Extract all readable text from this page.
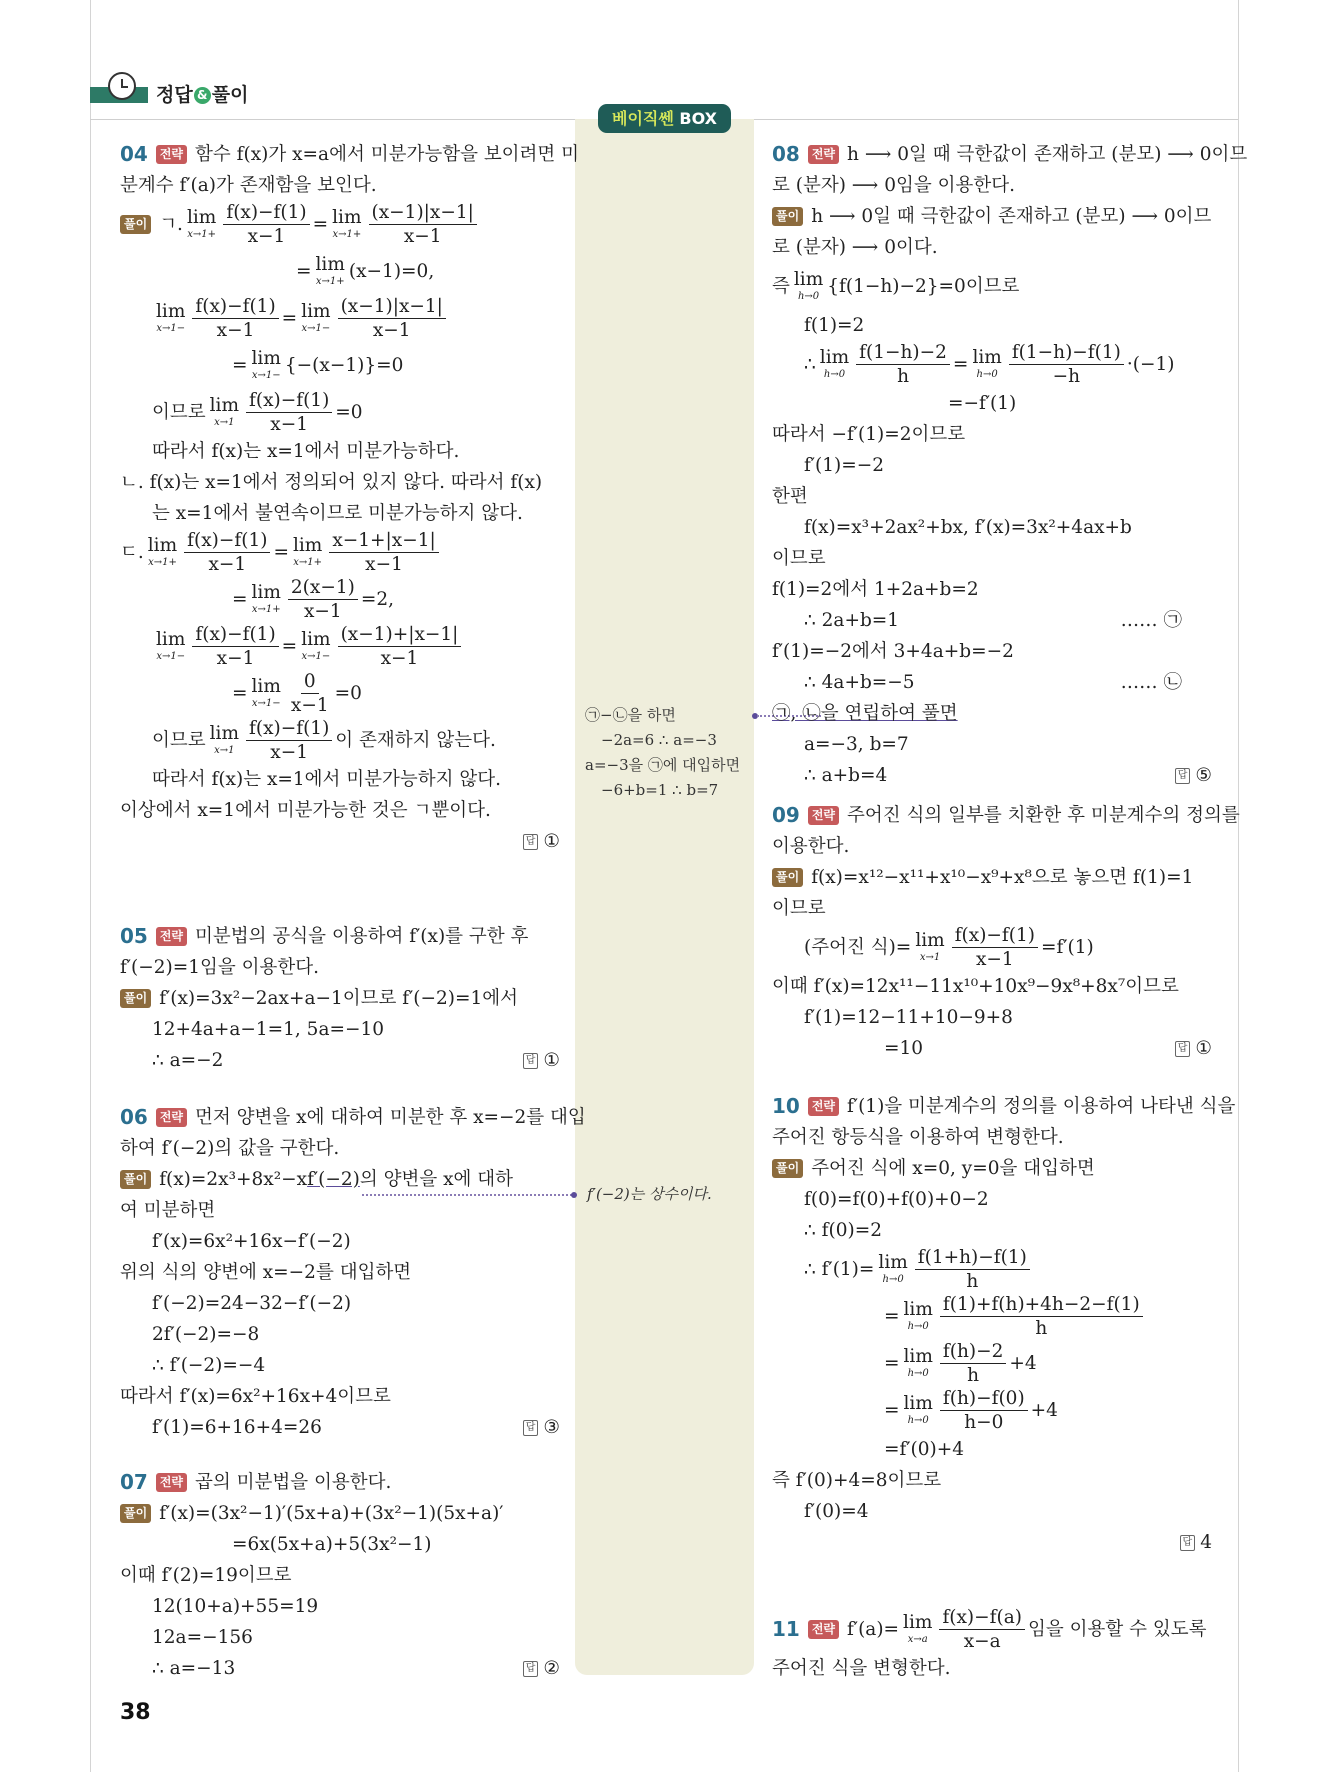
정답 & 풀이
베이직쎈 BOX
㉠−㉡을 하면
−2a=6 ∴ a=−3
a=−3을 ㉠에 대입하면
−6+b=1 ∴ b=7
f′(−2)는 상수이다.
04	전략 함수 f(x)가 x=a에서 미분가능함을 보이려면 미
분계수 f′(a)가 존재함을 보인다.
풀이 ㄱ. lim
$x\to 1+ \frac{f(x)-f(1)}{x-1} = \lim$
$x\to 1+ \frac{(x-1)|x-1|}{x-1}$
= lim
x→1+ (x−1)=0,
lim
$x\to 1- \frac{f(x)-f(1)}{x-1} = \lim$
$x\to 1- \frac{(x-1)|x-1|}{x-1}$
= lim
x→1− {−(x−1)}=0
이므로 lim
$x\to 1 \frac{f(x)-f(1)}{x-1} =0$
따라서 f(x)는 x=1에서 미분가능하다.
ㄴ. f(x)는 x=1에서 정의되어 있지 않다. 따라서 f(x)
는 x=1에서 불연속이므로 미분가능하지 않다.
ㄷ. lim
$x\to 1+ \frac{f(x)-f(1)}{x-1} = \lim$
$x\to 1+ \frac{x-1+|x-1|}{x-1}$
= lim
$x\to 1+ \frac{2(x-1)}{x-1} =2$,
lim
$x\to 1- \frac{f(x)-f(1)}{x-1} = \lim$
$x\to 1- \frac{(x-1)+|x-1|}{x-1}$
= lim
$x\to 1- \frac{0}{x-1} =0$
이므로 lim
$x\to 1 \frac{f(x)-f(1)}{x-1}$ 이 존재하지 않는다.
따라서 f(x)는 x=1에서 미분가능하지 않다.
이상에서 x=1에서 미분가능한 것은 ㄱ뿐이다.
답 ①
05	전략 미분법의 공식을 이용하여 f′(x)를 구한 후
f′(−2)=1임을 이용한다.
풀이 f′(x)=3x²−2ax+a−1이므로 f′(−2)=1에서
12+4a+a−1=1, 5a=−10
∴ a=−2	답 ①
06	전략 먼저 양변을 x에 대하여 미분한 후 x=−2를 대입
하여 f′(−2)의 값을 구한다.
풀이 f(x)=2x³+8x²−x f′(−2) 의 양변을 x에 대하
여 미분하면
f′(x)=6x²+16x−f′(−2)
위의 식의 양변에 x=−2를 대입하면
f′(−2)=24−32−f′(−2)
2f′(−2)=−8
∴ f′(−2)=−4
따라서 f′(x)=6x²+16x+4이므로
f′(1)=6+16+4=26	답 ③
07	전략 곱의 미분법을 이용한다.
풀이 f′(x)=(3x²−1)′(5x+a)+(3x²−1)(5x+a)′
=6x(5x+a)+5(3x²−1)
이때 f′(2)=19이므로
12(10+a)+55=19
12a=−156
∴ a=−13	답 ②
08	전략 h ⟶ 0일 때 극한값이 존재하고 (분모) ⟶ 0이므
로 (분자) ⟶ 0임을 이용한다.
풀이 h ⟶ 0일 때 극한값이 존재하고 (분모) ⟶ 0이므
로 (분자) ⟶ 0이다.
즉 lim
h→0 {f(1−h)−2}=0이므로
f(1)=2
∴ lim
$h\to 0 \frac{f(1-h)-2}{h} = \lim$
$h\to 0 \frac{f(1-h)-f(1)}{-h} \cdot(-1)$
=−f′(1)
따라서 −f′(1)=2이므로
f′(1)=−2
한편
f(x)=x³+2ax²+bx, f′(x)=3x²+4ax+b
이므로
f(1)=2에서 1+2a+b=2
∴ 2a+b=1	…… ㉠
f′(1)=−2에서 3+4a+b=−2
∴ 4a+b=−5	…… ㉡
㉠, ㉡을 연립하여 풀면
a=−3, b=7
∴ a+b=4	답 ⑤
09	전략 주어진 식의 일부를 치환한 후 미분계수의 정의를
이용한다.
풀이 f(x)=x¹²−x¹¹+x¹⁰−x⁹+x⁸으로 놓으면 f(1)=1
이므로
(주어진 식)= lim
$x\to 1 \frac{f(x)-f(1)}{x-1} =f'(1)$
이때 f′(x)=12x¹¹−11x¹⁰+10x⁹−9x⁸+8x⁷이므로
f′(1)=12−11+10−9+8
=10	답 ①
10	전략 f′(1)을 미분계수의 정의를 이용하여 나타낸 식을
주어진 항등식을 이용하여 변형한다.
풀이 주어진 식에 x=0, y=0을 대입하면
f(0)=f(0)+f(0)+0−2
∴ f(0)=2
∴ f′(1)= lim
$h\to 0 \frac{f(1+h)-f(1)}{h}$
= lim
$h\to 0 \frac{f(1)+f(h)+4h-2-f(1)}{h}$
= lim
$h\to 0 \frac{f(h)-2}{h} +4$
= lim
$h\to 0 \frac{f(h)-f(0)}{h-0} +4$
=f′(0)+4
즉 f′(0)+4=8이므로
f′(0)=4
답 4
11	전략 f′(a)= lim
$x\to a \frac{f(x)-f(a)}{x-a}$ 임을 이용할 수 있도록
주어진 식을 변형한다.
38
